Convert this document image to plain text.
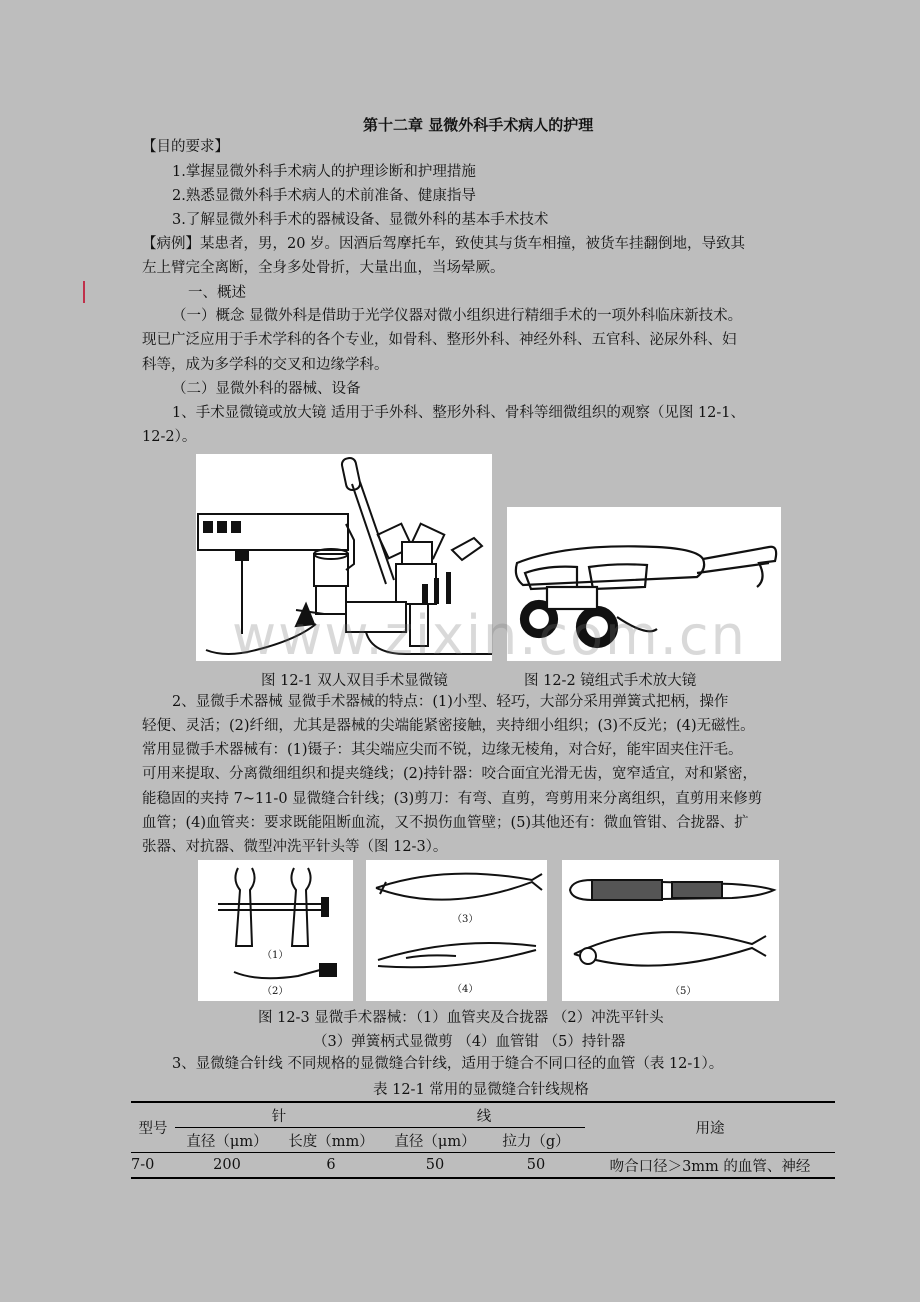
第十二章 显微外科手术病人的护理
【目的要求】
1.掌握显微外科手术病人的护理诊断和护理措施
2.熟悉显微外科手术病人的术前准备、健康指导
3.了解显微外科手术的器械设备、显微外科的基本手术技术
【病例】某患者，男，20 岁。因酒后驾摩托车，致使其与货车相撞，被货车挂翻倒地，导致其
左上臂完全离断，全身多处骨折，大量出血，当场晕厥。
一、概述
（一）概念 显微外科是借助于光学仪器对微小组织进行精细手术的一项外科临床新技术。
现已广泛应用于手术学科的各个专业，如骨科、整形外科、神经外科、五官科、泌尿外科、妇
科等，成为多学科的交叉和边缘学科。
（二）显微外科的器械、设备
1、手术显微镜或放大镜 适用于手外科、整形外科、骨科等细微组织的观察（见图 12-1、
12-2）。
www.zixin.com.cn
图 12-1 双人双目手术显微镜	图 12-2 镜组式手术放大镜
2、显微手术器械 显微手术器械的特点：(1)小型、轻巧，大部分采用弹簧式把柄，操作
轻便、灵活；(2)纤细，尤其是器械的尖端能紧密接触，夹持细小组织；(3)不反光；(4)无磁性。
常用显微手术器械有：(1)镊子：其尖端应尖而不锐，边缘无棱角，对合好，能牢固夹住汗毛。
可用来提取、分离微细组织和提夹缝线；(2)持针器：咬合面宜光滑无齿，宽窄适宜，对和紧密，
能稳固的夹持 7~11-0 显微缝合针线；(3)剪刀：有弯、直剪，弯剪用来分离组织，直剪用来修剪
血管；(4)血管夹：要求既能阻断血流，又不损伤血管壁；(5)其他还有：微血管钳、合拢器、扩
张器、对抗器、微型冲洗平针头等（图 12-3）。
（1）
（2）
（3）
（4）	（5）
图 12-3 显微手术器械：（1）血管夹及合拢器 （2）冲洗平针头
（3）弹簧柄式显微剪 （4）血管钳 （5）持针器
3、显微缝合针线 不同规格的显微缝合针线，适用于缝合不同口径的血管（表 12-1）。
表 12-1 常用的显微缝合针线规格
型号	针		线		用途
	直径（μm）	长度（mm）	直径（μm）	拉力（g）	
7-0	200	6	50	50	吻合口径＞3mm 的血管、神经
